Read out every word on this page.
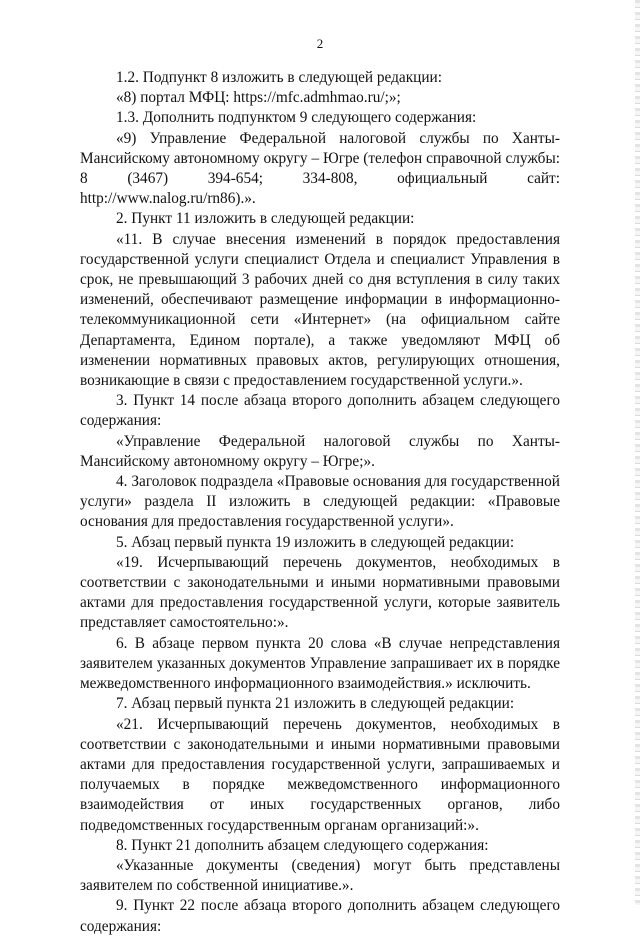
2

1.2. Подпункт 8 изложить в следующей редакции:

«8) портал МФЦ: https://mfc.admhmao.ru/;»;

1.3. Дополнить подпунктом 9 следующего содержания:

«9) Управление Федеральной налоговой службы по Ханты-Мансийскому автономному округу – Югре (телефон справочной службы: 8 (3467) 394-654; 334-808, официальный сайт: http://www.nalog.ru/rn86).».

2. Пункт 11 изложить в следующей редакции:

«11. В случае внесения изменений в порядок предоставления государственной услуги специалист Отдела и специалист Управления в срок, не превышающий 3 рабочих дней со дня вступления в силу таких изменений, обеспечивают размещение информации в информационно-телекоммуникационной сети «Интернет» (на официальном сайте Департамента, Едином портале), а также уведомляют МФЦ об изменении нормативных правовых актов, регулирующих отношения, возникающие в связи с предоставлением государственной услуги.».

3. Пункт 14 после абзаца второго дополнить абзацем следующего содержания:

«Управление Федеральной налоговой службы по Ханты-Мансийскому автономному округу – Югре;».

4. Заголовок подраздела «Правовые основания для государственной услуги» раздела II изложить в следующей редакции: «Правовые основания для предоставления государственной услуги».

5. Абзац первый пункта 19 изложить в следующей редакции:

«19. Исчерпывающий перечень документов, необходимых в соответствии с законодательными и иными нормативными правовыми актами для предоставления государственной услуги, которые заявитель представляет самостоятельно:».

6. В абзаце первом пункта 20 слова «В случае непредставления заявителем указанных документов Управление запрашивает их в порядке межведомственного информационного взаимодействия.» исключить.

7. Абзац первый пункта 21 изложить в следующей редакции:

«21. Исчерпывающий перечень документов, необходимых в соответствии с законодательными и иными нормативными правовыми актами для предоставления государственной услуги, запрашиваемых и получаемых в порядке межведомственного информационного взаимодействия от иных государственных органов, либо подведомственных государственным органам организаций:».

8. Пункт 21 дополнить абзацем следующего содержания:

«Указанные документы (сведения) могут быть представлены заявителем по собственной инициативе.».

9. Пункт 22 после абзаца второго дополнить абзацем следующего содержания:
